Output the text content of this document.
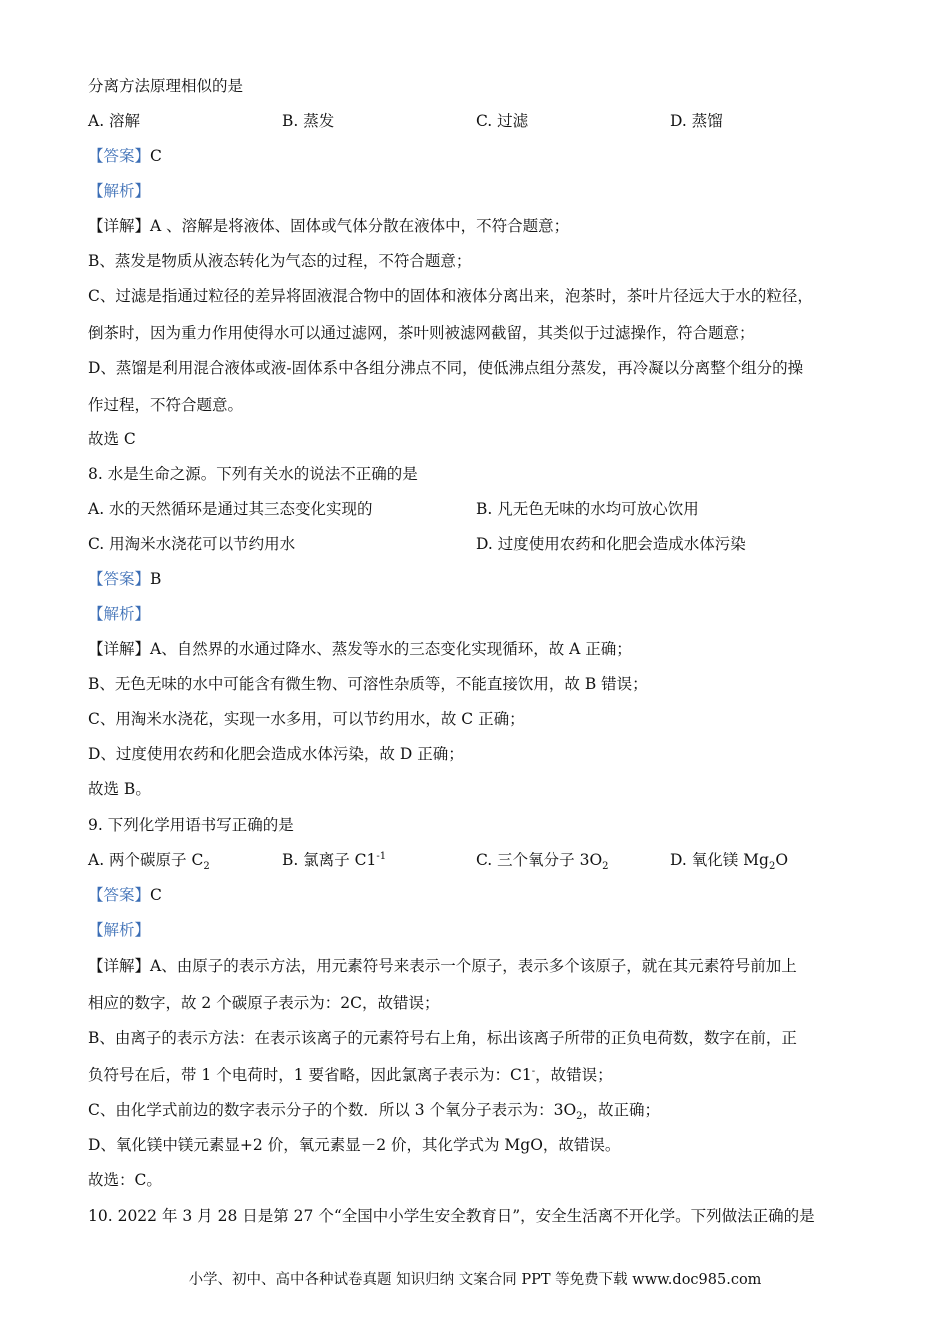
分离方法原理相似的是
A. 溶解	B. 蒸发	C. 过滤	D. 蒸馏
【答案】C
【解析】
【详解】A 、溶解是将液体、固体或气体分散在液体中，不符合题意；
B、蒸发是物质从液态转化为气态的过程，不符合题意；
C、过滤是指通过粒径的差异将固液混合物中的固体和液体分离出来，泡茶时，茶叶片径远大于水的粒径，
倒茶时，因为重力作用使得水可以通过滤网，茶叶则被滤网截留，其类似于过滤操作，符合题意；
D、蒸馏是利用混合液体或液-固体系中各组分沸点不同，使低沸点组分蒸发，再冷凝以分离整个组分的操
作过程，不符合题意。
故选 C
8. 水是生命之源。下列有关水的说法不正确的是
A. 水的天然循环是通过其三态变化实现的	B. 凡无色无味的水均可放心饮用
C. 用淘米水浇花可以节约用水	D. 过度使用农药和化肥会造成水体污染
【答案】B
【解析】
【详解】A、自然界的水通过降水、蒸发等水的三态变化实现循环，故 A 正确；
B、无色无味的水中可能含有微生物、可溶性杂质等，不能直接饮用，故 B 错误；
C、用淘米水浇花，实现一水多用，可以节约用水，故 C 正确；
D、过度使用农药和化肥会造成水体污染，故 D 正确；
故选 B。
9. 下列化学用语书写正确的是
A. 两个碳原子 $C_2$	B. 氯离子 $C1^{-1}$	C. 三个氧分子 $3O_2$	D. 氧化镁 $Mg_2O$
【答案】C
【解析】
【详解】A、由原子的表示方法，用元素符号来表示一个原子，表示多个该原子，就在其元素符号前加上
相应的数字，故 2 个碳原子表示为：2C，故错误；
B、由离子的表示方法：在表示该离子的元素符号右上角，标出该离子所带的正负电荷数，数字在前，正
负符号在后，带 1 个电荷时，1 要省略，因此氯离子表示为：C1-，故错误；
C、由化学式前边的数字表示分子的个数．所以 3 个氧分子表示为：$3O_2$，故正确；
D、氧化镁中镁元素显+2 价，氧元素显－2 价，其化学式为 MgO，故错误。
故选：C。
10. 2022 年 3 月 28 日是第 27 个“全国中小学生安全教育日”，安全生活离不开化学。下列做法正确的是
小学、初中、高中各种试卷真题 知识归纳 文案合同 PPT 等免费下载 www.doc985.com
